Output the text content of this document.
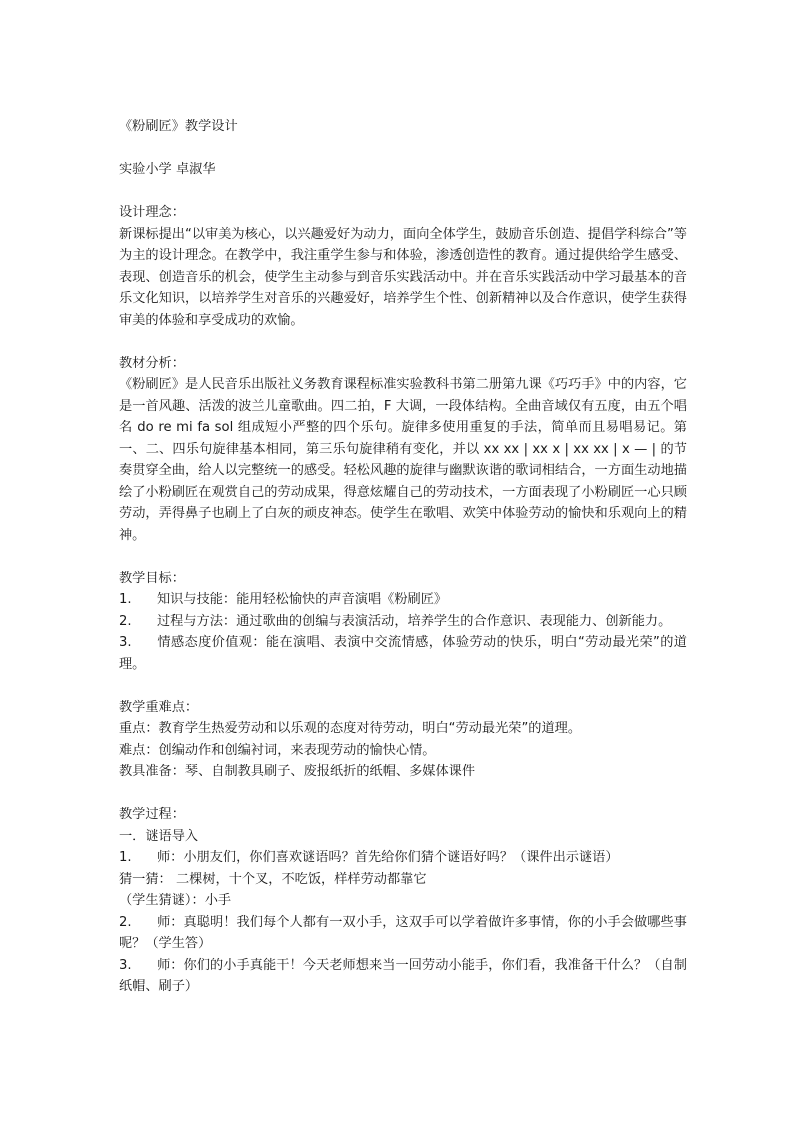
《粉刷匠》教学设计

实验小学 卓淑华

设计理念：

新课标提出“以审美为核心，以兴趣爱好为动力，面向全体学生，鼓励音乐创造、提倡学科综合”等为主的设计理念。在教学中，我注重学生参与和体验，渗透创造性的教育。通过提供给学生感受、表现、创造音乐的机会，使学生主动参与到音乐实践活动中。并在音乐实践活动中学习最基本的音乐文化知识，以培养学生对音乐的兴趣爱好，培养学生个性、创新精神以及合作意识，使学生获得审美的体验和享受成功的欢愉。

教材分析：

《粉刷匠》是人民音乐出版社义务教育课程标准实验教科书第二册第九课《巧巧手》中的内容，它是一首风趣、活泼的波兰儿童歌曲。四二拍，F 大调，一段体结构。全曲音域仅有五度，由五个唱名 do re mi fa sol 组成短小严整的四个乐句。旋律多使用重复的手法，简单而且易唱易记。第一、二、四乐句旋律基本相同，第三乐句旋律稍有变化，并以 xx xx | xx x | xx xx | x — | 的节奏贯穿全曲，给人以完整统一的感受。轻松风趣的旋律与幽默诙谐的歌词相结合，一方面生动地描绘了小粉刷匠在观赏自己的劳动成果，得意炫耀自己的劳动技术，一方面表现了小粉刷匠一心只顾劳动，弄得鼻子也刷上了白灰的顽皮神态。使学生在歌唱、欢笑中体验劳动的愉快和乐观向上的精神。

教学目标：

1. 知识与技能：能用轻松愉快的声音演唱《粉刷匠》

2. 过程与方法：通过歌曲的创编与表演活动，培养学生的合作意识、表现能力、创新能力。

3. 情感态度价值观：能在演唱、表演中交流情感，体验劳动的快乐，明白“劳动最光荣”的道理。

教学重难点：

重点：教育学生热爱劳动和以乐观的态度对待劳动，明白“劳动最光荣”的道理。

难点：创编动作和创编衬词，来表现劳动的愉快心情。

教具准备：琴、自制教具刷子、废报纸折的纸帽、多媒体课件

教学过程：

一．谜语导入

1. 师：小朋友们，你们喜欢谜语吗？首先给你们猜个谜语好吗？（课件出示谜语）

猜一猜： 二棵树，十个叉，不吃饭，样样劳动都靠它

（学生猜谜）：小手

2. 师：真聪明！我们每个人都有一双小手，这双手可以学着做许多事情，你的小手会做哪些事呢？（学生答）

3. 师：你们的小手真能干！今天老师想来当一回劳动小能手，你们看，我准备干什么？（自制纸帽、刷子）
